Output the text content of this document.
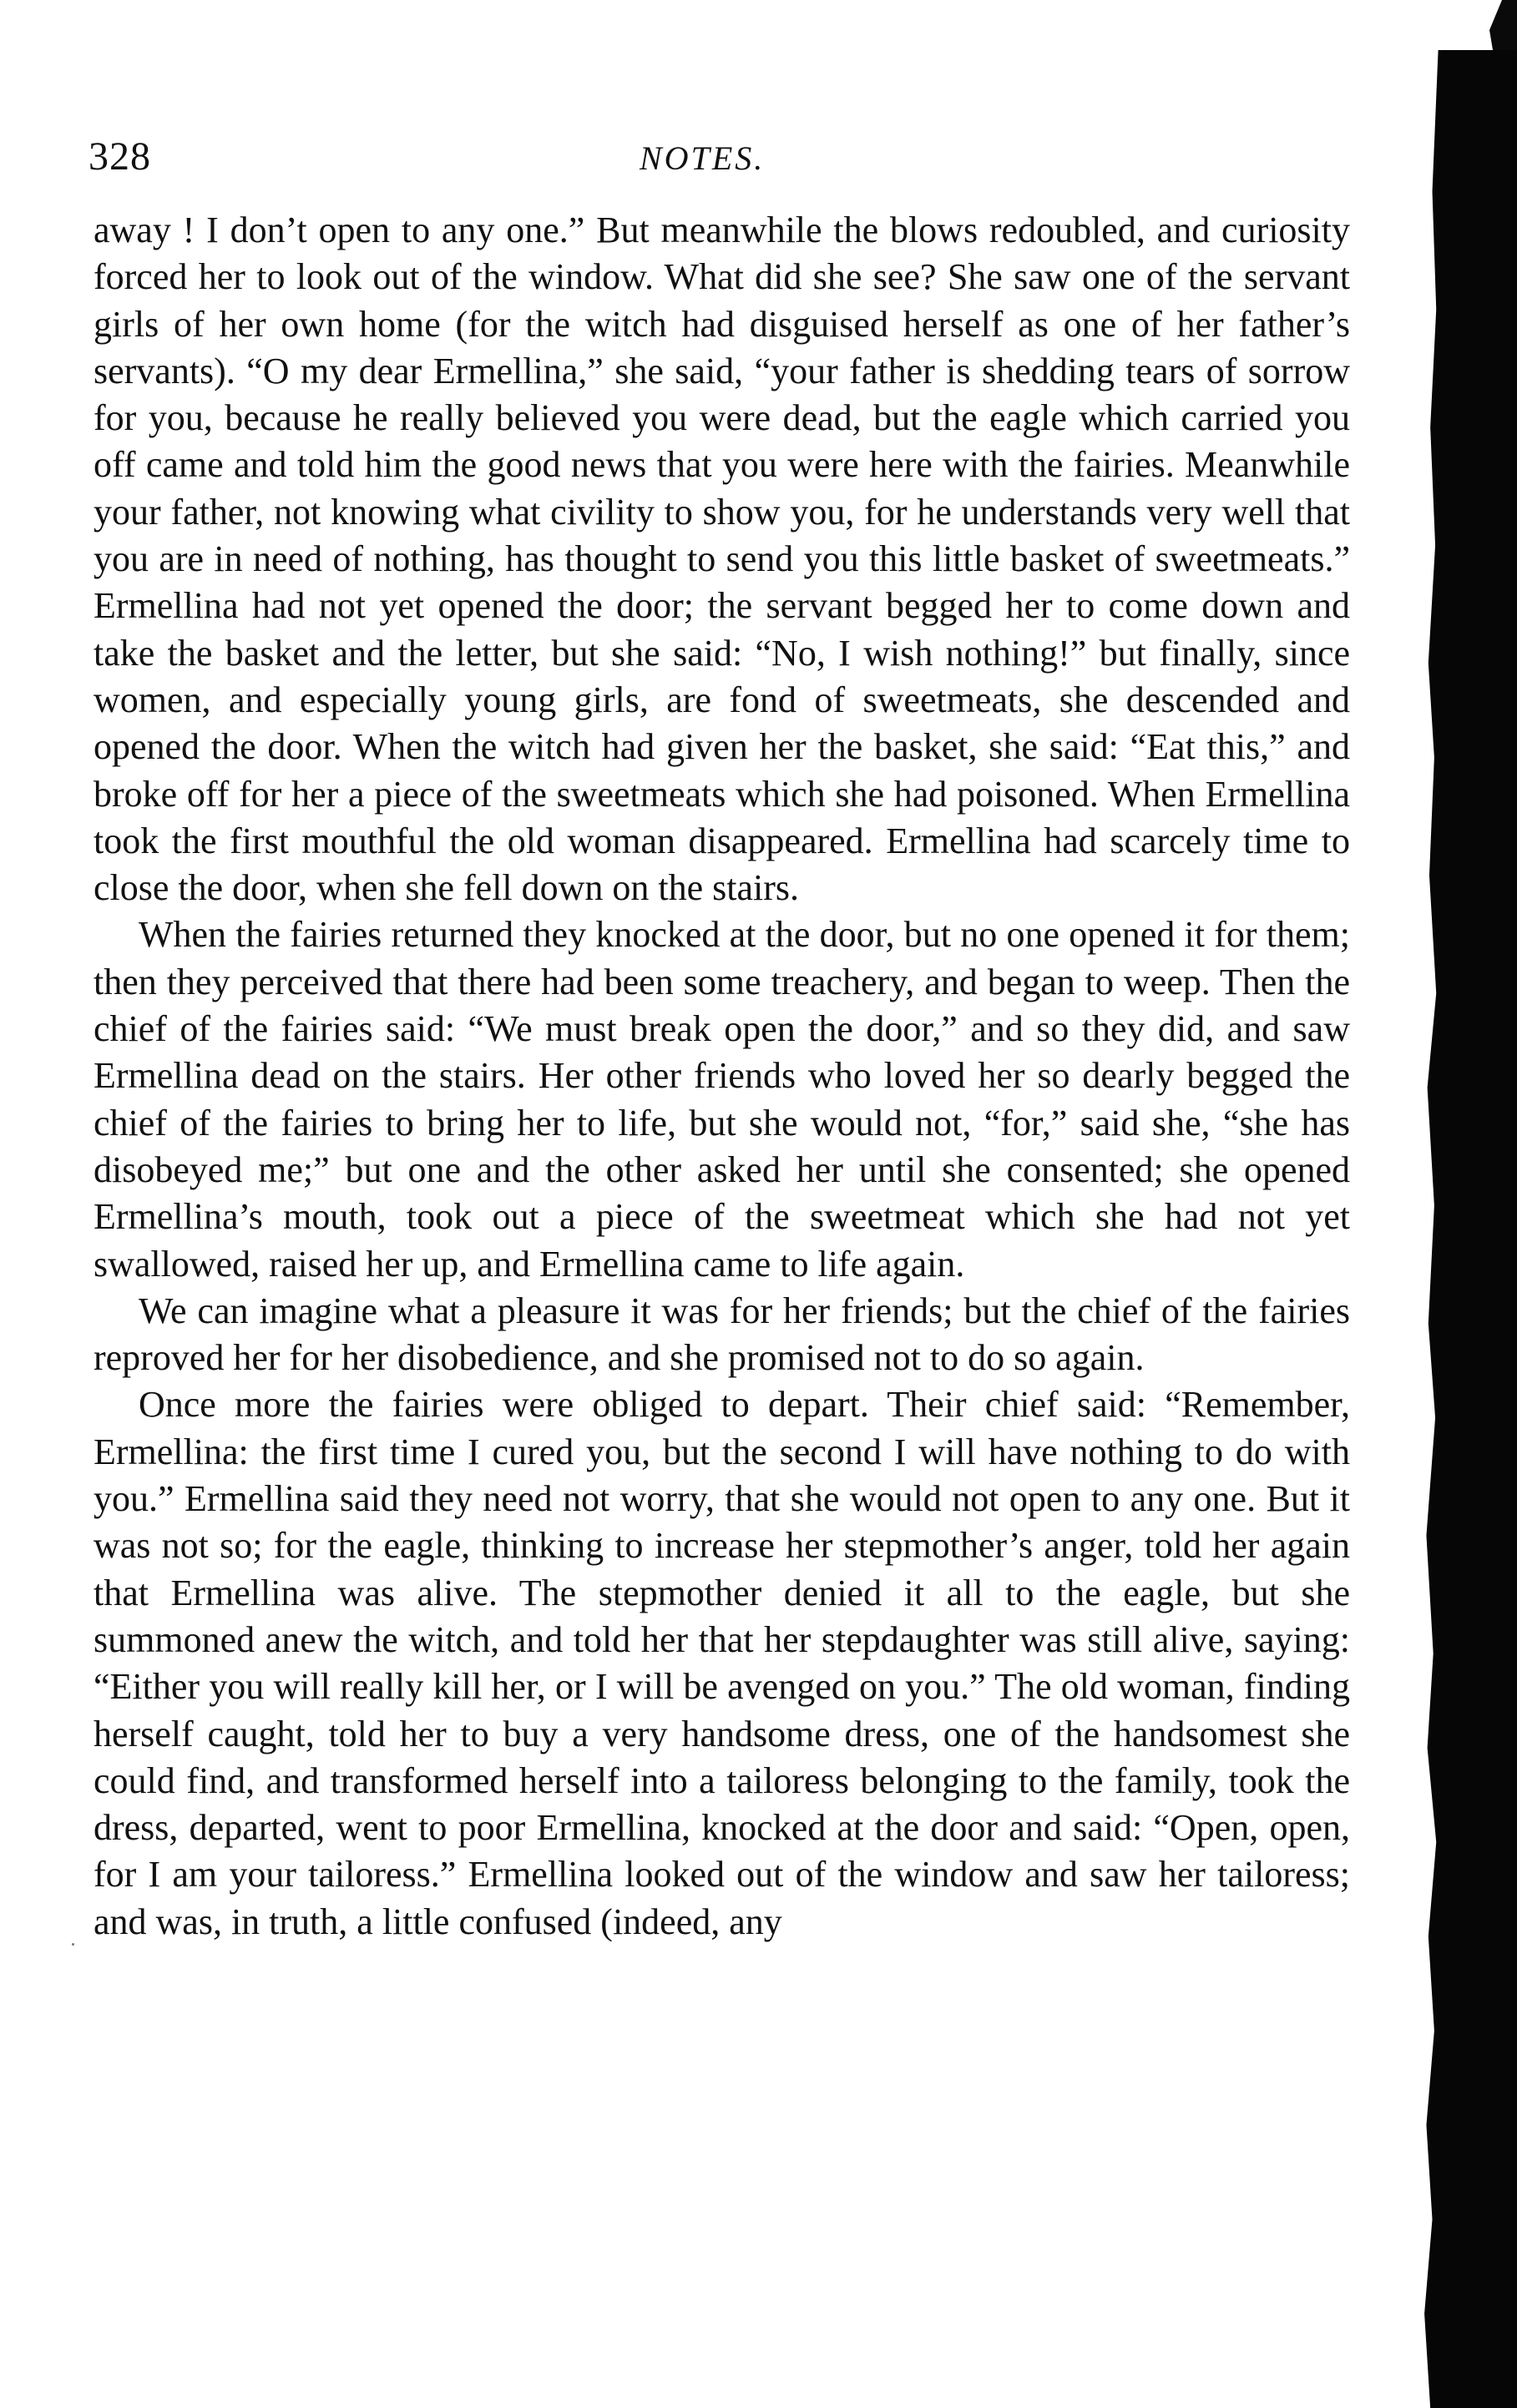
328	NOTES.

away ! I don’t open to any one.” But meanwhile the blows redoubled, and curiosity forced her to look out of the window. What did she see? She saw one of the servant girls of her own home (for the witch had disguised herself as one of her father’s servants). “O my dear Ermellina,” she said, “your father is shedding tears of sorrow for you, because he really believed you were dead, but the eagle which carried you off came and told him the good news that you were here with the fairies. Meanwhile your father, not knowing what civility to show you, for he understands very well that you are in need of nothing, has thought to send you this little basket of sweetmeats.” Ermellina had not yet opened the door; the servant begged her to come down and take the basket and the letter, but she said: “No, I wish nothing!” but finally, since women, and especially young girls, are fond of sweetmeats, she descended and opened the door. When the witch had given her the basket, she said: “Eat this,” and broke off for her a piece of the sweetmeats which she had poisoned. When Ermellina took the first mouthful the old woman disappeared. Ermellina had scarcely time to close the door, when she fell down on the stairs.

When the fairies returned they knocked at the door, but no one opened it for them; then they perceived that there had been some treachery, and began to weep. Then the chief of the fairies said: “We must break open the door,” and so they did, and saw Ermellina dead on the stairs. Her other friends who loved her so dearly begged the chief of the fairies to bring her to life, but she would not, “for,” said she, “she has disobeyed me;” but one and the other asked her until she consented; she opened Ermellina’s mouth, took out a piece of the sweetmeat which she had not yet swallowed, raised her up, and Ermellina came to life again.

We can imagine what a pleasure it was for her friends; but the chief of the fairies reproved her for her disobedience, and she promised not to do so again.

Once more the fairies were obliged to depart. Their chief said: “Remember, Ermellina: the first time I cured you, but the second I will have nothing to do with you.” Ermellina said they need not worry, that she would not open to any one. But it was not so; for the eagle, thinking to increase her stepmother’s anger, told her again that Ermellina was alive. The stepmother denied it all to the eagle, but she summoned anew the witch, and told her that her stepdaughter was still alive, saying: “Either you will really kill her, or I will be avenged on you.” The old woman, finding herself caught, told her to buy a very handsome dress, one of the handsomest she could find, and transformed herself into a tailoress belonging to the family, took the dress, departed, went to poor Ermellina, knocked at the door and said: “Open, open, for I am your tailoress.” Ermellina looked out of the window and saw her tailoress; and was, in truth, a little confused (indeed, any
